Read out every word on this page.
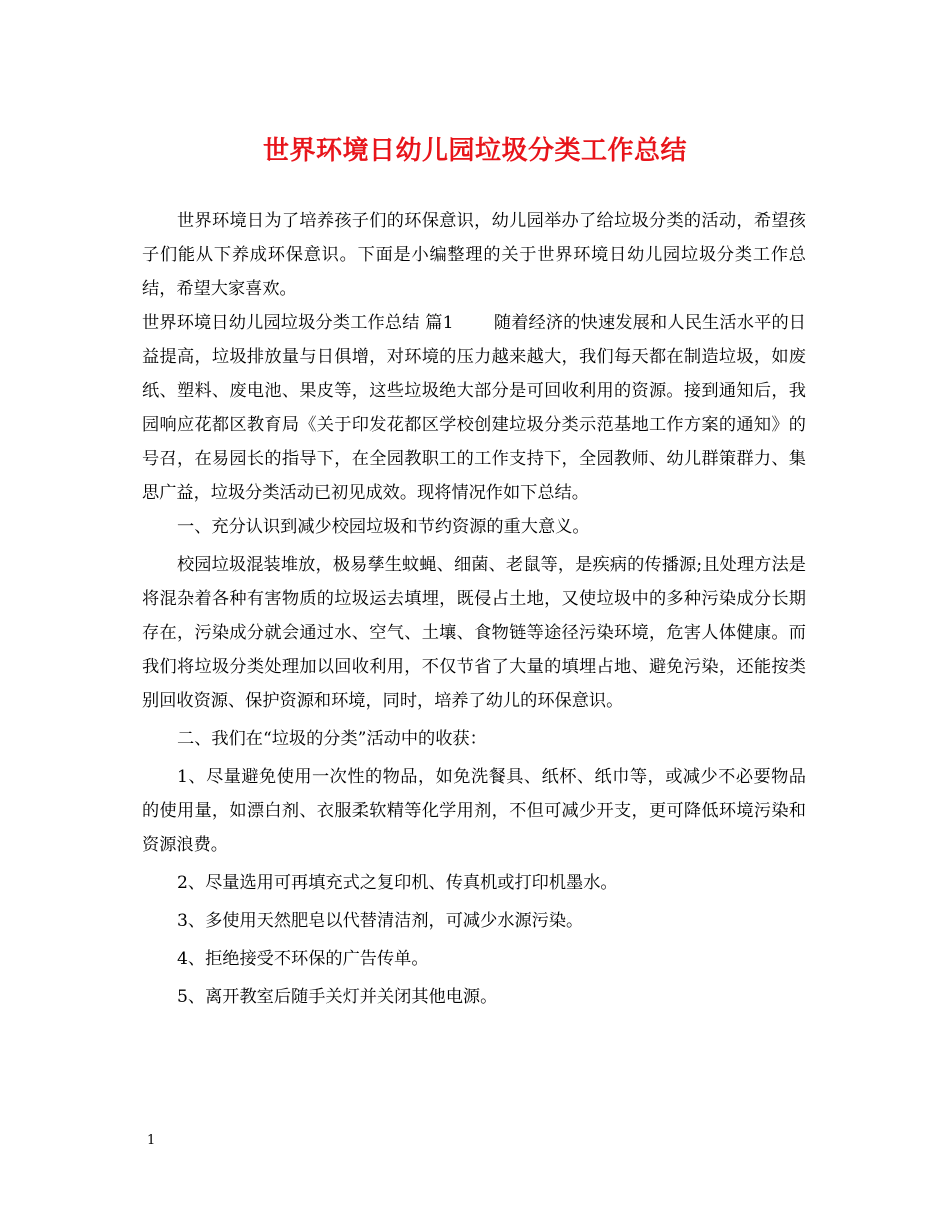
世界环境日幼儿园垃圾分类工作总结

世界环境日为了培养孩子们的环保意识，幼儿园举办了给垃圾分类的活动，希望孩子们能从下养成环保意识。下面是小编整理的关于世界环境日幼儿园垃圾分类工作总结，希望大家喜欢。

世界环境日幼儿园垃圾分类工作总结 篇1 　　随着经济的快速发展和人民生活水平的日益提高，垃圾排放量与日俱增，对环境的压力越来越大，我们每天都在制造垃圾，如废纸、塑料、废电池、果皮等，这些垃圾绝大部分是可回收利用的资源。接到通知后，我园响应花都区教育局《关于印发花都区学校创建垃圾分类示范基地工作方案的通知》的号召，在易园长的指导下，在全园教职工的工作支持下，全园教师、幼儿群策群力、集思广益，垃圾分类活动已初见成效。现将情况作如下总结。

一、充分认识到减少校园垃圾和节约资源的重大意义。

校园垃圾混装堆放，极易孳生蚊蝇、细菌、老鼠等，是疾病的传播源;且处理方法是将混杂着各种有害物质的垃圾运去填埋，既侵占土地，又使垃圾中的多种污染成分长期存在，污染成分就会通过水、空气、土壤、食物链等途径污染环境，危害人体健康。而我们将垃圾分类处理加以回收利用，不仅节省了大量的填埋占地、避免污染，还能按类别回收资源、保护资源和环境，同时，培养了幼儿的环保意识。

二、我们在“垃圾的分类”活动中的收获：

1、尽量避免使用一次性的物品，如免洗餐具、纸杯、纸巾等，或减少不必要物品的使用量，如漂白剂、衣服柔软精等化学用剂，不但可减少开支，更可降低环境污染和资源浪费。

2、尽量选用可再填充式之复印机、传真机或打印机墨水。

3、多使用天然肥皂以代替清洁剂，可减少水源污染。

4、拒绝接受不环保的广告传单。

5、离开教室后随手关灯并关闭其他电源。

1
